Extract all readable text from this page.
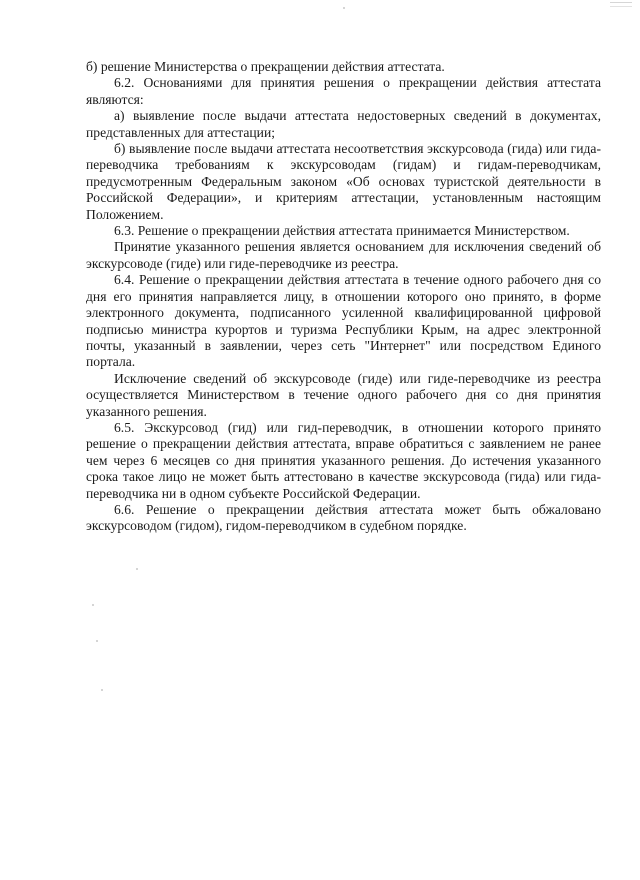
б) решение Министерства о прекращении действия аттестата.

6.2. Основаниями для принятия решения о прекращении действия аттестата являются:

а) выявление после выдачи аттестата недостоверных сведений в документах, представленных для аттестации;

б) выявление после выдачи аттестата несоответствия экскурсовода (гида) или гида-переводчика требованиям к экскурсоводам (гидам) и гидам-переводчикам, предусмотренным Федеральным законом «Об основах туристской деятельности в Российской Федерации», и критериям аттестации, установленным настоящим Положением.

6.3. Решение о прекращении действия аттестата принимается Министерством.

Принятие указанного решения является основанием для исключения сведений об экскурсоводе (гиде) или гиде-переводчике из реестра.

6.4. Решение о прекращении действия аттестата в течение одного рабочего дня со дня его принятия направляется лицу, в отношении которого оно принято, в форме электронного документа, подписанного усиленной квалифицированной цифровой подписью министра курортов и туризма Республики Крым, на адрес электронной почты, указанный в заявлении, через сеть "Интернет" или посредством Единого портала.

Исключение сведений об экскурсоводе (гиде) или гиде-переводчике из реестра осуществляется Министерством в течение одного рабочего дня со дня принятия указанного решения.

6.5. Экскурсовод (гид) или гид-переводчик, в отношении которого принято решение о прекращении действия аттестата, вправе обратиться с заявлением не ранее чем через 6 месяцев со дня принятия указанного решения. До истечения указанного срока такое лицо не может быть аттестовано в качестве экскурсовода (гида) или гида-переводчика ни в одном субъекте Российской Федерации.

6.6. Решение о прекращении действия аттестата может быть обжаловано экскурсоводом (гидом), гидом-переводчиком в судебном порядке.
